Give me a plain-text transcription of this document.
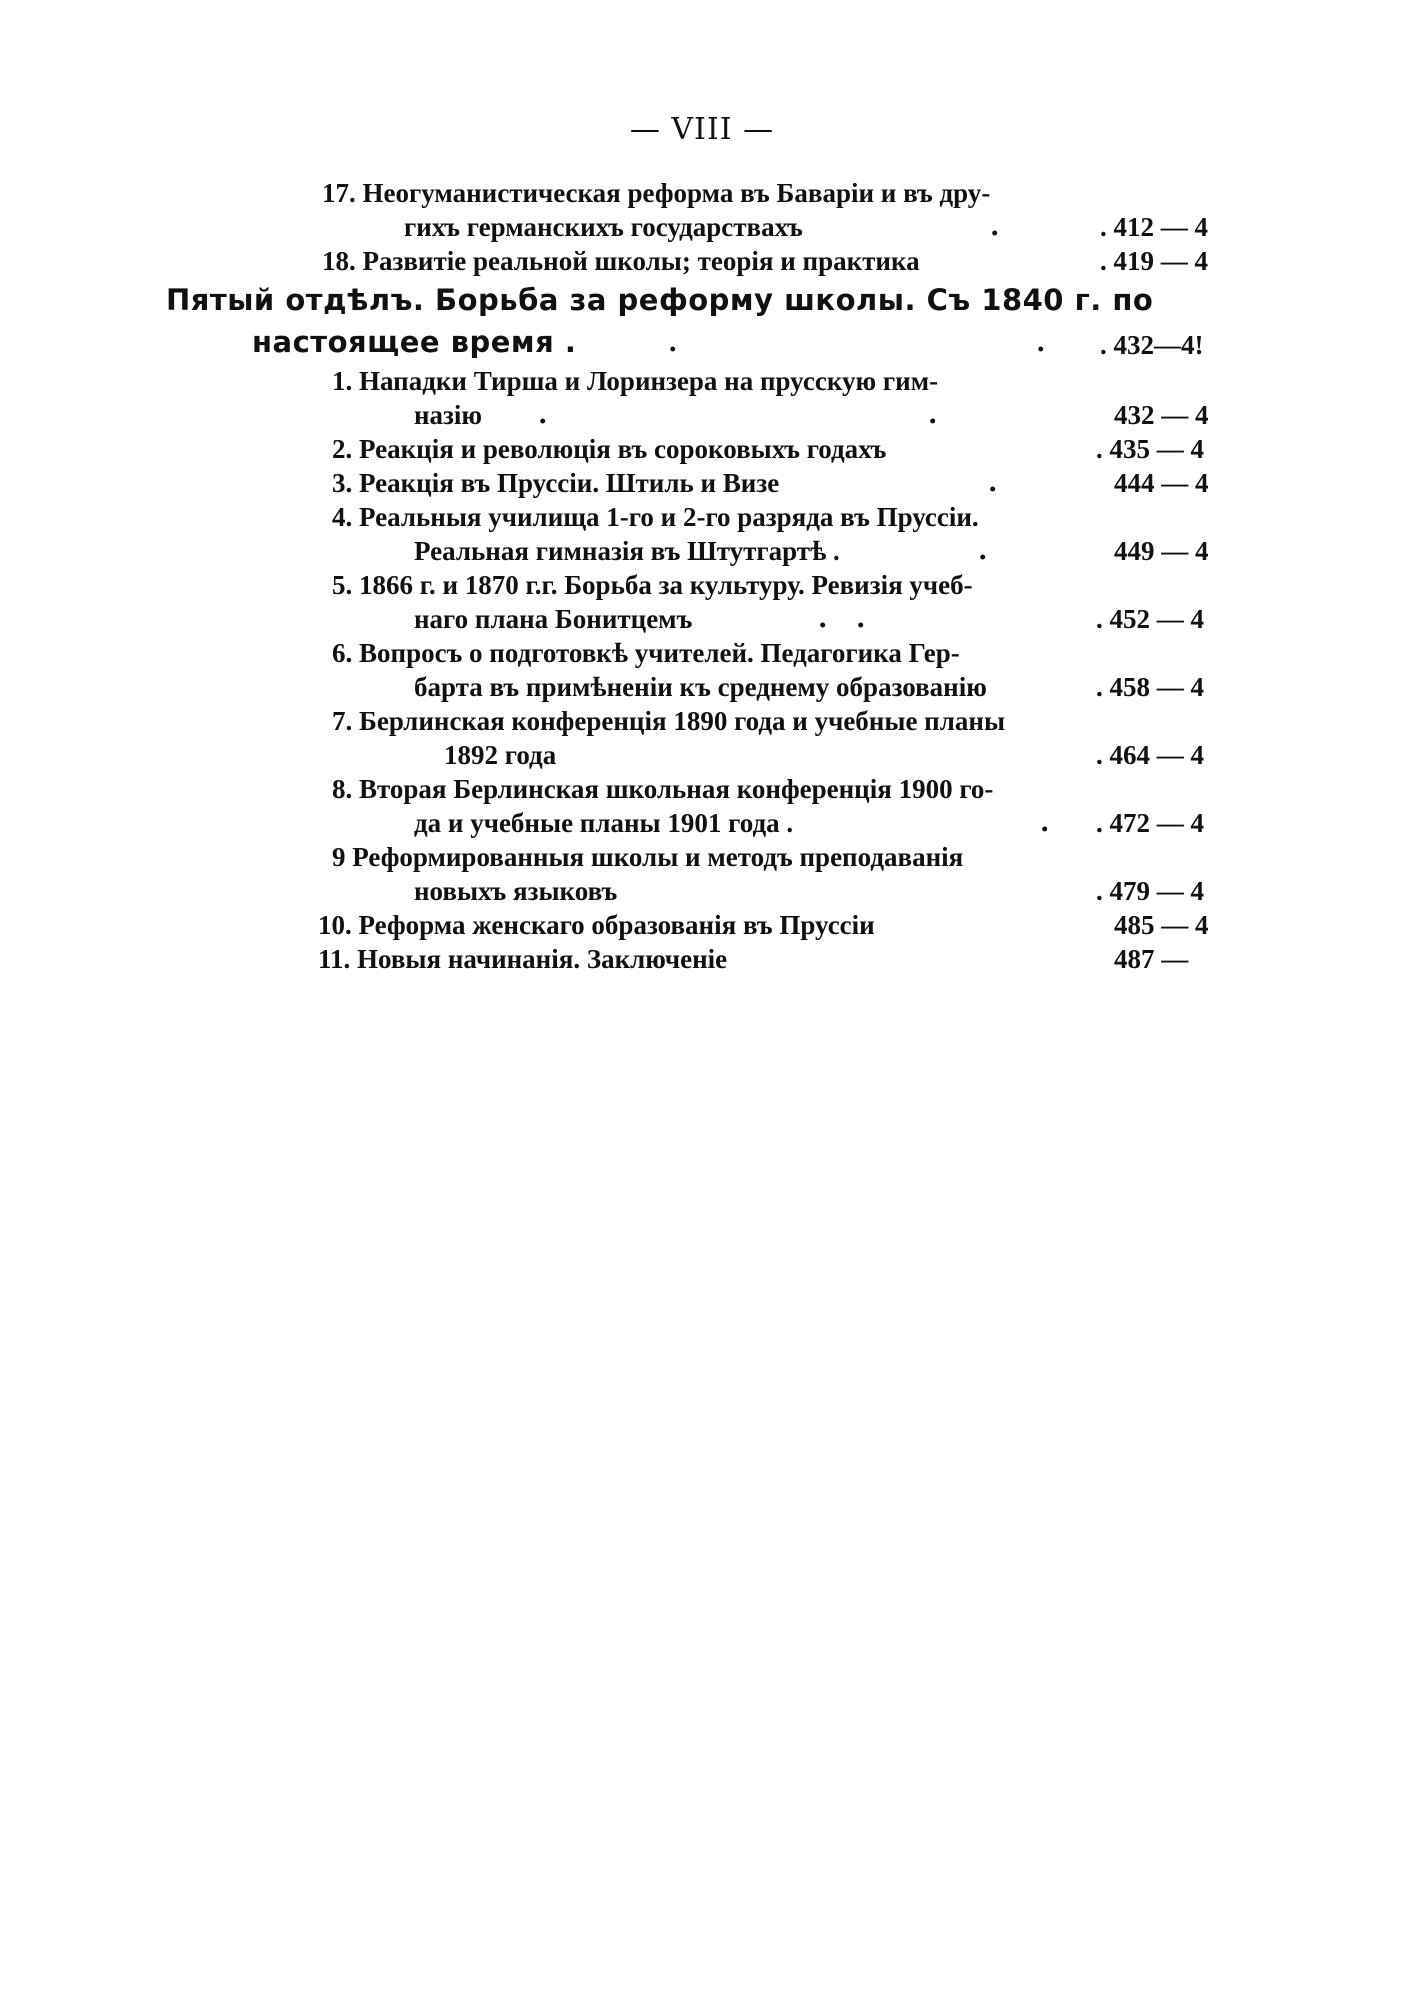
— VIII —
17. Неогуманистическая реформа въ Баваріи и въ дру-
гихъ германскихъ государствахъ	.	. 412 — 4
18. Развитіе реальной школы; теорія и практика	. 419 — 4
Пятый отдѣлъ. Борьба за реформу школы. Съ 1840 г. по
настоящее время .	.	. . 432—4!
1. Нападки Тирша и Лоринзера на прусскую гим-
назію .	.	432 — 4
2. Реакція и революція въ сороковыхъ годахъ	. 435 — 4
3. Реакція въ Пруссіи. Штиль и Визе	.	444 — 4
4. Реальныя училища 1-го и 2-го разряда въ Пруссіи.
Реальная гимназія въ Штутгартѣ .	.	449 — 4
5. 1866 г. и 1870 г.г. Борьба за культуру. Ревизія учеб-
наго плана Бонитцемъ	. .	. 452 — 4
6. Вопросъ о подготовкѣ учителей. Педагогика Гер-
барта въ примѣненіи къ среднему образованію	. 458 — 4
7. Берлинская конференція 1890 года и учебные планы
1892 года	. 464 — 4
8. Вторая Берлинская школьная конференція 1900 го-
да и учебные планы 1901 года .	. . 472 — 4
9 Реформированныя школы и методъ преподаванія
новыхъ языковъ	. 479 — 4
10. Реформа женскаго образованія въ Пруссіи	485 — 4
11. Новыя начинанія. Заключеніе	487 —
